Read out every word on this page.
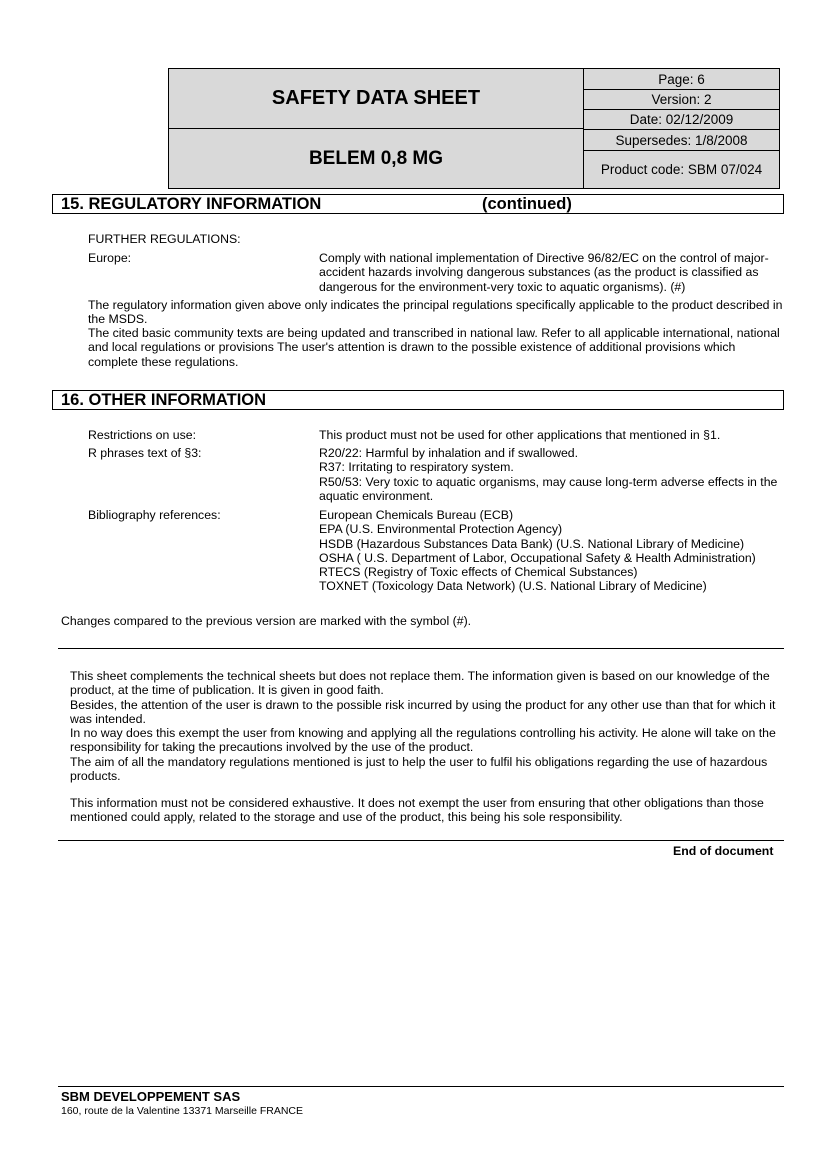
SAFETY DATA SHEET
BELEM 0,8 MG
Page: 6
Version: 2
Date: 02/12/2009
Supersedes: 1/8/2008
Product code: SBM 07/024
15. REGULATORY INFORMATION	(continued)
FURTHER REGULATIONS:
Europe:	Comply with national implementation of Directive 96/82/EC on the control of major-accident hazards involving dangerous substances (as the product is classified as dangerous for the environment-very toxic to aquatic organisms). (#)
The regulatory information given above only indicates the principal regulations specifically applicable to the product described in the MSDS.
The cited basic community texts are being updated and transcribed in national law. Refer to all applicable international, national and local regulations or provisions The user's attention is drawn to the possible existence of additional provisions which complete these regulations.
16. OTHER INFORMATION
Restrictions on use:	This product must not be used for other applications that mentioned in §1.
R phrases text of §3:	R20/22: Harmful by inhalation and if swallowed.
R37: Irritating to respiratory system.
R50/53: Very toxic to aquatic organisms, may cause long-term adverse effects in the aquatic environment.
Bibliography references:	European Chemicals Bureau (ECB)
EPA (U.S. Environmental Protection Agency)
HSDB (Hazardous Substances Data Bank) (U.S. National Library of Medicine)
OSHA ( U.S. Department of Labor, Occupational Safety & Health Administration)
RTECS (Registry of Toxic effects of Chemical Substances)
TOXNET (Toxicology Data Network) (U.S. National Library of Medicine)
Changes compared to the previous version are marked with the symbol (#).
This sheet complements the technical sheets but does not replace them. The information given is based on our knowledge of the product, at the time of publication. It is given in good faith.
Besides, the attention of the user is drawn to the possible risk incurred by using the product for any other use than that for which it was intended.
In no way does this exempt the user from knowing and applying all the regulations controlling his activity. He alone will take on the responsibility for taking the precautions involved by the use of the product.
The aim of all the mandatory regulations mentioned is just to help the user to fulfil his obligations regarding the use of hazardous products.
This information must not be considered exhaustive. It does not exempt the user from ensuring that other obligations than those mentioned could apply, related to the storage and use of the product, this being his sole responsibility.
End of document
SBM DEVELOPPEMENT SAS
160, route de la Valentine 13371 Marseille FRANCE
